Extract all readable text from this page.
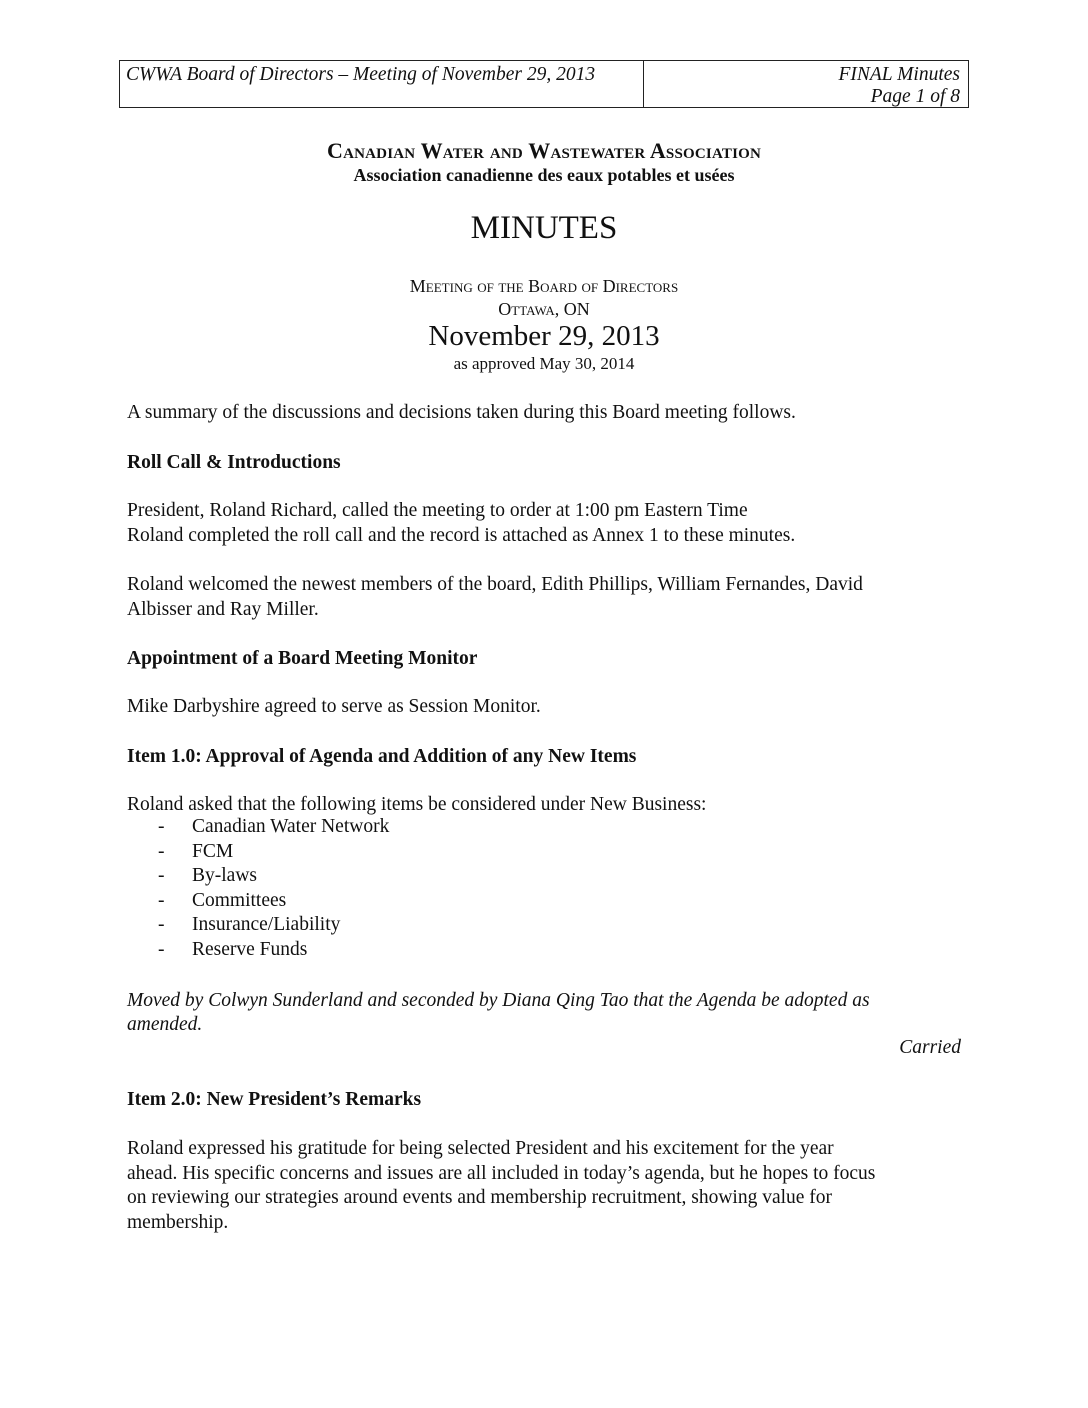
CWWA Board of Directors – Meeting of November 29, 2013	FINAL Minutes
Page 1 of 8
Canadian Water and Wastewater Association
Association canadienne des eaux potables et usées
MINUTES
Meeting of the Board of Directors
Ottawa, ON
November 29, 2013
as approved May 30, 2014
A summary of the discussions and decisions taken during this Board meeting follows.
Roll Call & Introductions
President, Roland Richard, called the meeting to order at 1:00 pm Eastern Time
Roland completed the roll call and the record is attached as Annex 1 to these minutes.
Roland welcomed the newest members of the board, Edith Phillips, William Fernandes, David
Albisser and Ray Miller.
Appointment of a Board Meeting Monitor
Mike Darbyshire agreed to serve as Session Monitor.
Item 1.0: Approval of Agenda and Addition of any New Items
Roland asked that the following items be considered under New Business:
-	Canadian Water Network
-	FCM
-	By-laws
-	Committees
-	Insurance/Liability
-	Reserve Funds
Moved by Colwyn Sunderland and seconded by Diana Qing Tao that the Agenda be adopted as
amended.
Carried
Item 2.0: New President’s Remarks
Roland expressed his gratitude for being selected President and his excitement for the year
ahead. His specific concerns and issues are all included in today’s agenda, but he hopes to focus
on reviewing our strategies around events and membership recruitment, showing value for
membership.
